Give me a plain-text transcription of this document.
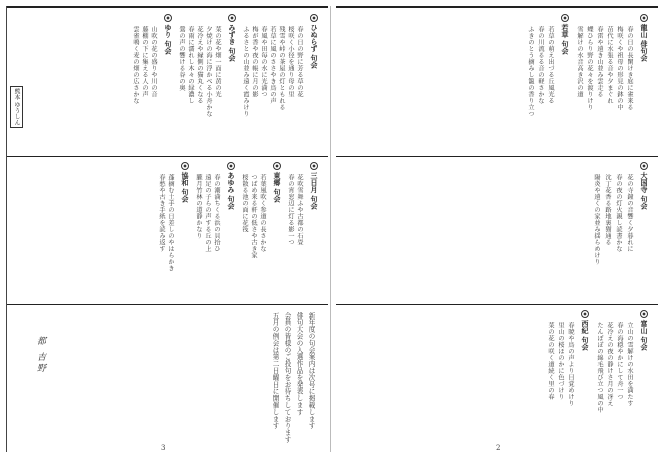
熊本 ゆうしん
ひぬらず 句会
春の日の野に芳る草の花
桜咲く小径を通り母の里
残雪や峠の茶屋の灯ともれる
若草に風のささやき鳥の声
春風や田毎の水に光満つ
梅が香や夜の帳に月の影
ふるさとの山並み遠く霞みけり
みずき 句会
菜の花や畑一面に黄の光
夕焼けの海に浮かべる小舟かな
花冷えや縁側の猫丸くなる
春雨に濡れし木々の緑濃し
鶯の声の響ける谷の奥
ゆり 句会
山吹の花の盛りや川の音
藤棚の下に集える人の声
雲雀鳴く麦の畑の広さかな
三日月 句会
花吹雪舞ふや古都の石畳
春の宵窓辺に灯る影一つ
東郷 句会
若葉風吹く参道の長さかな
つばめ来る軒の低さや古き家
桜散る池の面に花筏
あゆみ 句会
春の潮満ちくる浜の貝拾ひ
遠足の子らの声する丘の上
朧月竹林の道静かなり
協和 句会
蓬摘む土手の日差しのやはらかき
春愁や古き手紙を読み返す
新年度の句会案内は次号に掲載します
俳句大会の入選作品を発表します
会員の皆様のご投句をお待ちしております
五月の例会は第二日曜日に開催します
都 吉野
3
龍山 俳句会
春の日の長閑けき庭に雀来る
梅咲くや祖母の形見の鉢の中
苗代に水張る音や夕まぐれ
春雷や遠き山並み雲走る
蝶ひらり野の花々を渡りけり
雪解けの水音高き沢の道
若草 句会
若草の萌え出づる丘風光る
春の川流るる音の軽さかな
ふきのとう摘みし籠の香り立つ
大国寺 句会
花の寺鐘の音響く夕暮れに
春の夜の灯火親し読書かな
沈丁花香る路地裏猫通る
陽炎や遠くの家並み揺らめけり
富山 句会
立山の雪解けの水田を満たす
春の海穏やかにして舟一つ
花冷えの夜の静けさ月の冴え
たんぽぽの綿毛飛び立つ風の中
西紀 句会
春暁や鳥の声より目覚めけり
里山の桜ほのかに色づけり
菜の花の咲く道続く里の春
2
